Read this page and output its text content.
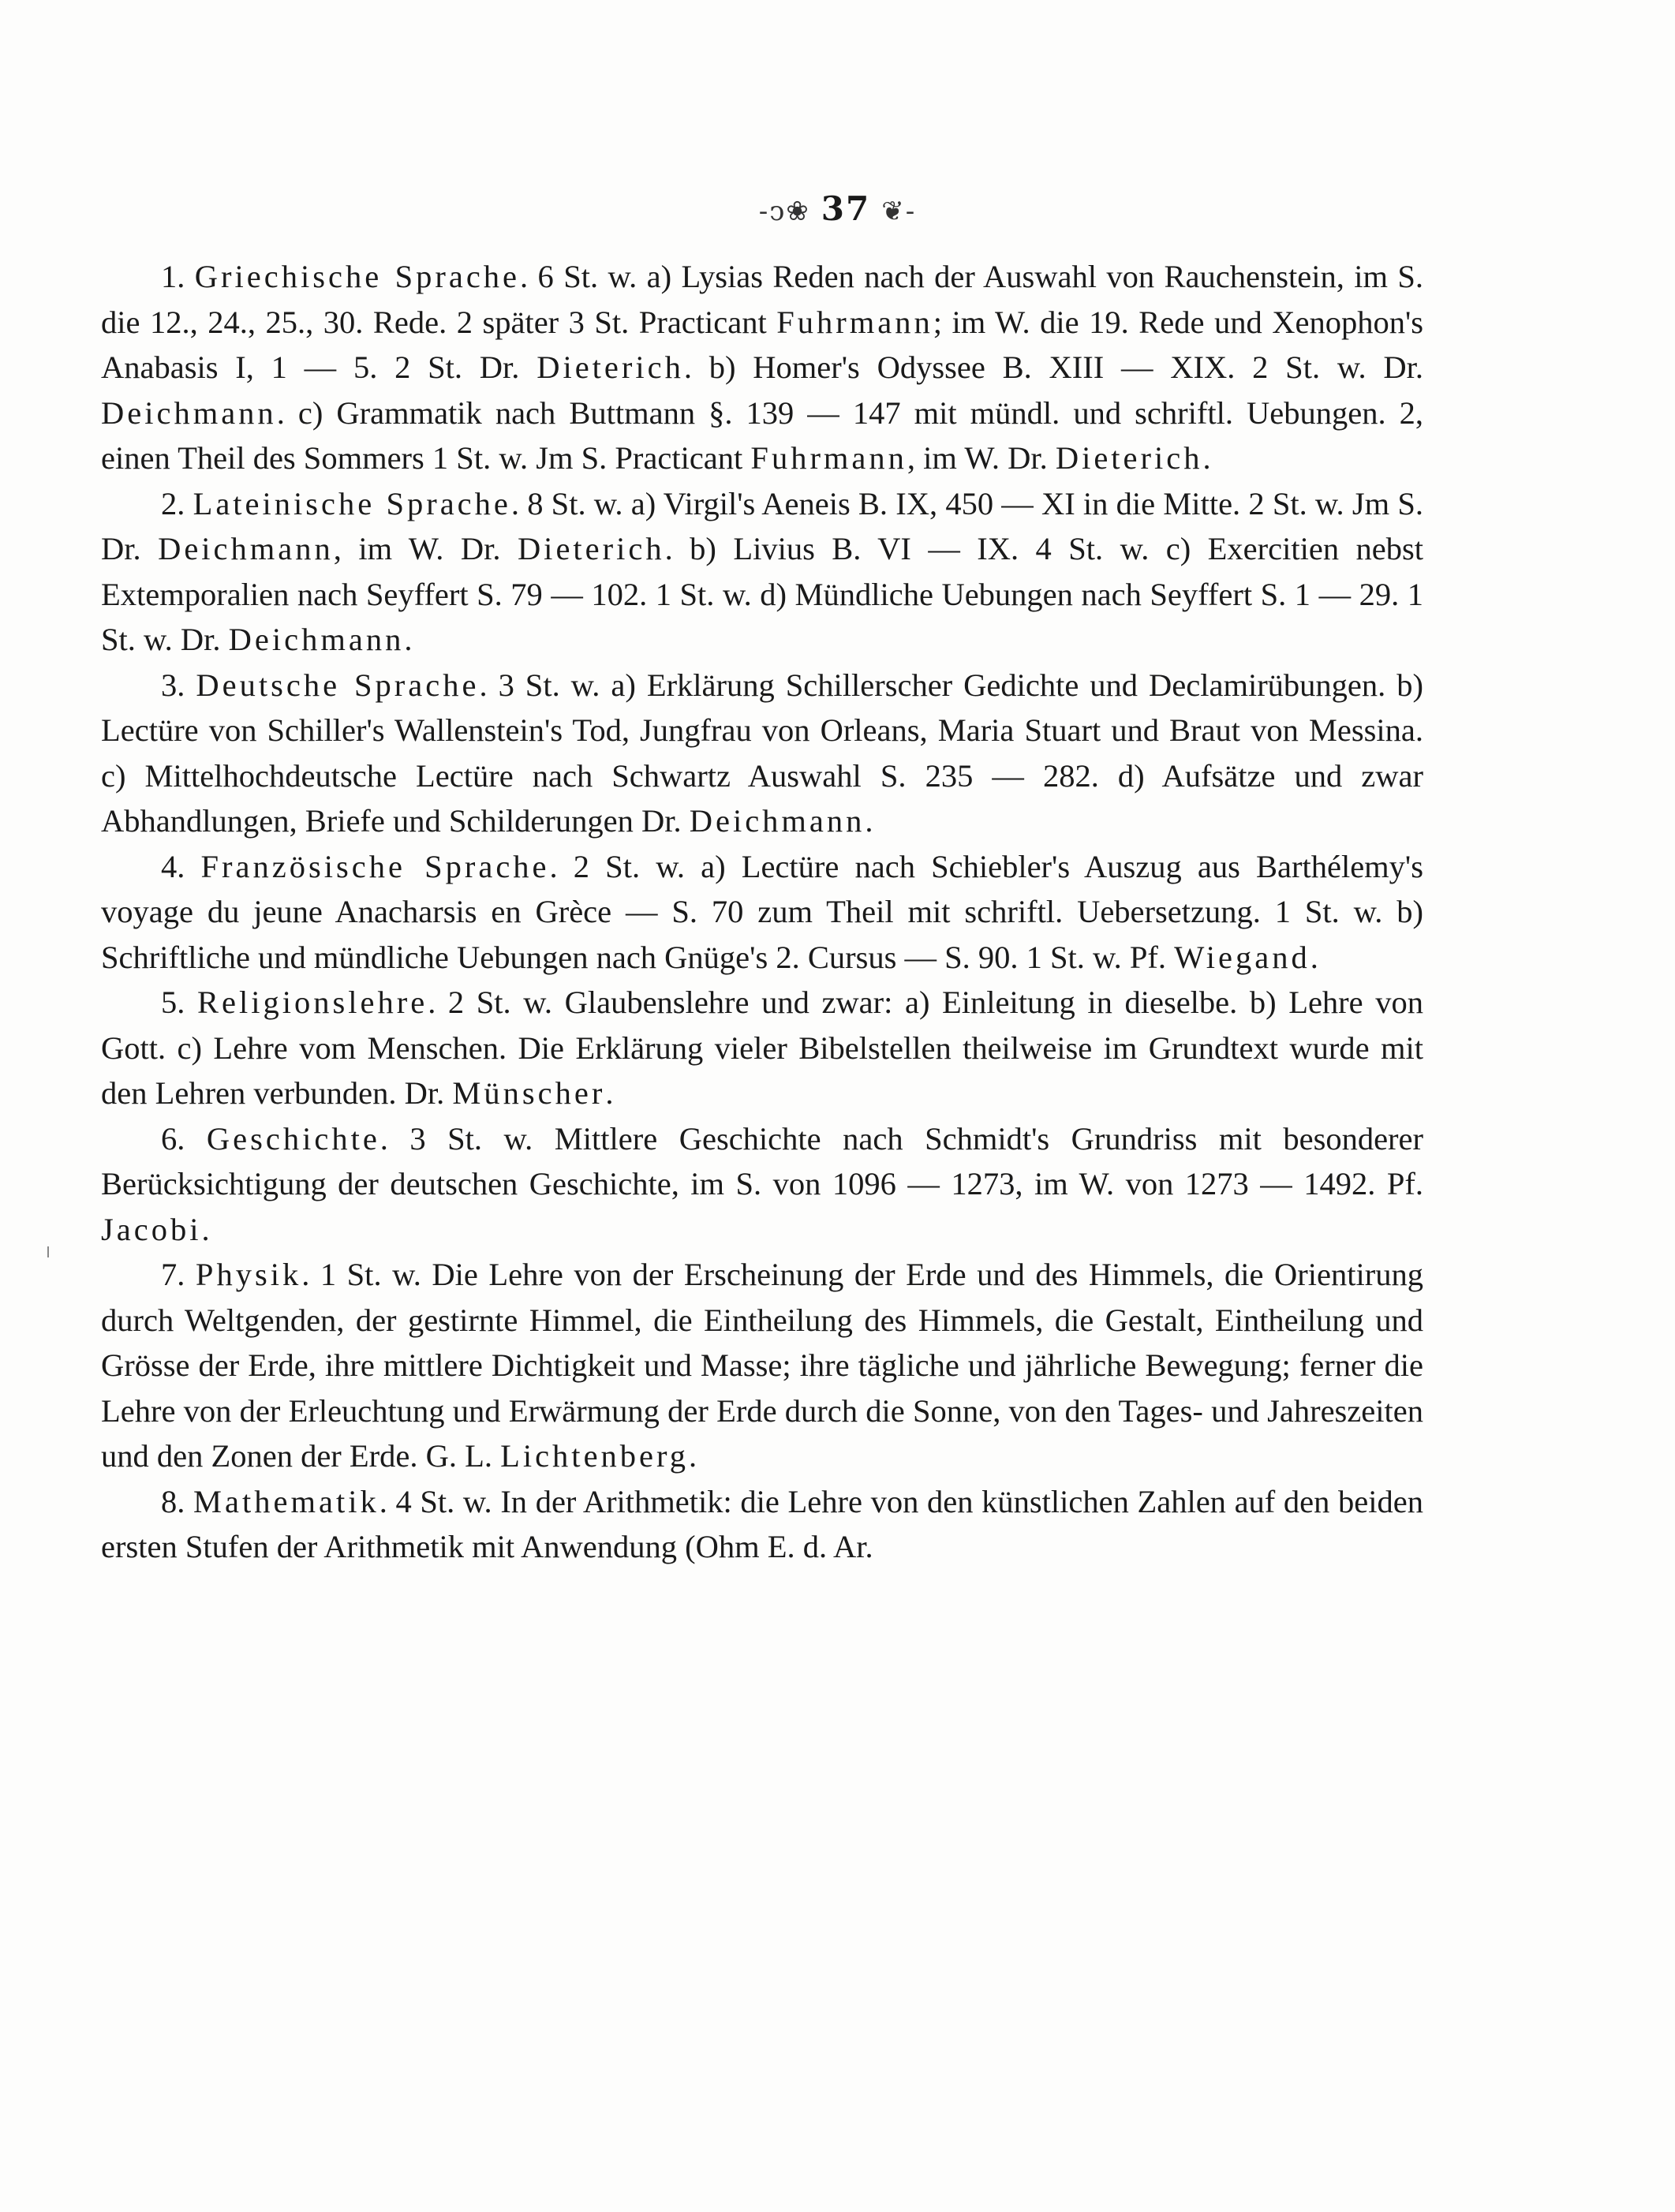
-ↄ❀ 37 ❦-

1. Griechische Sprache. 6 St. w. a) Lysias Reden nach der Auswahl von Rauchenstein, im S. die 12., 24., 25., 30. Rede. 2 später 3 St. Practicant Fuhrmann; im W. die 19. Rede und Xenophon's Anabasis I, 1 — 5. 2 St. Dr. Dieterich. b) Homer's Odyssee B. XIII — XIX. 2 St. w. Dr. Deichmann. c) Grammatik nach Buttmann §. 139 — 147 mit mündl. und schriftl. Uebungen. 2, einen Theil des Sommers 1 St. w. Jm S. Practicant Fuhrmann, im W. Dr. Dieterich.

2. Lateinische Sprache. 8 St. w. a) Virgil's Aeneis B. IX, 450 — XI in die Mitte. 2 St. w. Jm S. Dr. Deichmann, im W. Dr. Dieterich. b) Livius B. VI — IX. 4 St. w. c) Exercitien nebst Extemporalien nach Seyffert S. 79 — 102. 1 St. w. d) Mündliche Uebungen nach Seyffert S. 1 — 29. 1 St. w. Dr. Deichmann.

3. Deutsche Sprache. 3 St. w. a) Erklärung Schillerscher Gedichte und Declamirübungen. b) Lectüre von Schiller's Wallenstein's Tod, Jungfrau von Orleans, Maria Stuart und Braut von Messina. c) Mittelhochdeutsche Lectüre nach Schwartz Auswahl S. 235 — 282. d) Aufsätze und zwar Abhandlungen, Briefe und Schilderungen Dr. Deichmann.

4. Französische Sprache. 2 St. w. a) Lectüre nach Schiebler's Auszug aus Barthélemy's voyage du jeune Anacharsis en Grèce — S. 70 zum Theil mit schriftl. Uebersetzung. 1 St. w. b) Schriftliche und mündliche Uebungen nach Gnüge's 2. Cursus — S. 90. 1 St. w. Pf. Wiegand.

5. Religionslehre. 2 St. w. Glaubenslehre und zwar: a) Einleitung in dieselbe. b) Lehre von Gott. c) Lehre vom Menschen. Die Erklärung vieler Bibelstellen theilweise im Grundtext wurde mit den Lehren verbunden. Dr. Münscher.

6. Geschichte. 3 St. w. Mittlere Geschichte nach Schmidt's Grundriss mit besonderer Berücksichtigung der deutschen Geschichte, im S. von 1096 — 1273, im W. von 1273 — 1492. Pf. Jacobi.

7. Physik. 1 St. w. Die Lehre von der Erscheinung der Erde und des Himmels, die Orientirung durch Weltgenden, der gestirnte Himmel, die Eintheilung des Himmels, die Gestalt, Eintheilung und Grösse der Erde, ihre mittlere Dichtigkeit und Masse; ihre tägliche und jährliche Bewegung; ferner die Lehre von der Erleuchtung und Erwärmung der Erde durch die Sonne, von den Tages- und Jahreszeiten und den Zonen der Erde. G. L. Lichtenberg.

8. Mathematik. 4 St. w. In der Arithmetik: die Lehre von den künstlichen Zahlen auf den beiden ersten Stufen der Arithmetik mit Anwendung (Ohm E. d. Ar.
